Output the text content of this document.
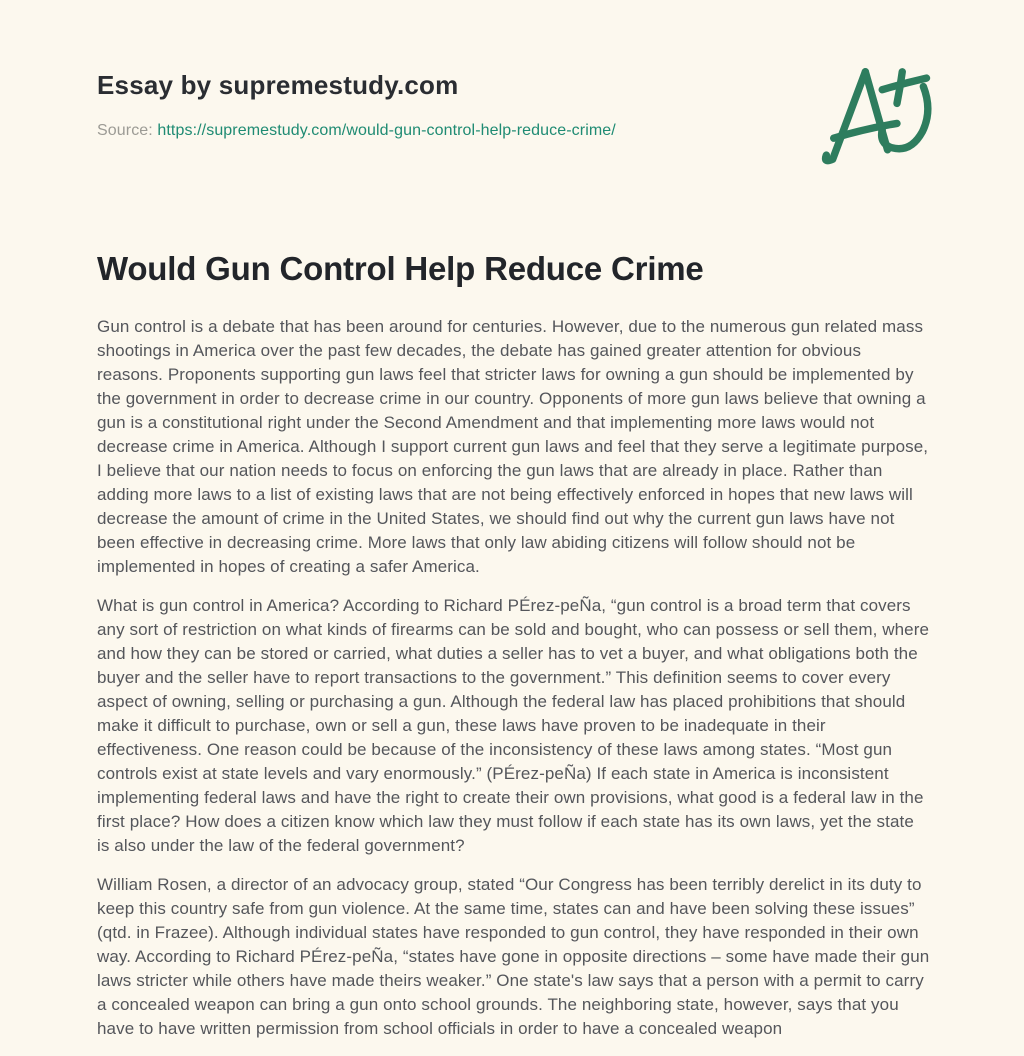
Essay by supremestudy.com
Source: https://supremestudy.com/would-gun-control-help-reduce-crime/
Would Gun Control Help Reduce Crime

Gun control is a debate that has been around for centuries. However, due to the numerous gun related mass shootings in America over the past few decades, the debate has gained greater attention for obvious reasons. Proponents supporting gun laws feel that stricter laws for owning a gun should be implemented by the government in order to decrease crime in our country. Opponents of more gun laws believe that owning a gun is a constitutional right under the Second Amendment and that implementing more laws would not decrease crime in America. Although I support current gun laws and feel that they serve a legitimate purpose, I believe that our nation needs to focus on enforcing the gun laws that are already in place. Rather than adding more laws to a list of existing laws that are not being effectively enforced in hopes that new laws will decrease the amount of crime in the United States, we should find out why the current gun laws have not been effective in decreasing crime. More laws that only law abiding citizens will follow should not be implemented in hopes of creating a safer America.

What is gun control in America? According to Richard PÉrez-peÑa, “gun control is a broad term that covers any sort of restriction on what kinds of firearms can be sold and bought, who can possess or sell them, where and how they can be stored or carried, what duties a seller has to vet a buyer, and what obligations both the buyer and the seller have to report transactions to the government.” This definition seems to cover every aspect of owning, selling or purchasing a gun. Although the federal law has placed prohibitions that should make it difficult to purchase, own or sell a gun, these laws have proven to be inadequate in their effectiveness. One reason could be because of the inconsistency of these laws among states. “Most gun controls exist at state levels and vary enormously.” (PÉrez-peÑa) If each state in America is inconsistent implementing federal laws and have the right to create their own provisions, what good is a federal law in the first place? How does a citizen know which law they must follow if each state has its own laws, yet the state is also under the law of the federal government?

William Rosen, a director of an advocacy group, stated “Our Congress has been terribly derelict in its duty to keep this country safe from gun violence. At the same time, states can and have been solving these issues” (qtd. in Frazee). Although individual states have responded to gun control, they have responded in their own way. According to Richard PÉrez-peÑa, “states have gone in opposite directions – some have made their gun laws stricter while others have made theirs weaker.” One state's law says that a person with a permit to carry a concealed weapon can bring a gun onto school grounds. The neighboring state, however, says that you have to have written permission from school officials in order to have a concealed weapon
